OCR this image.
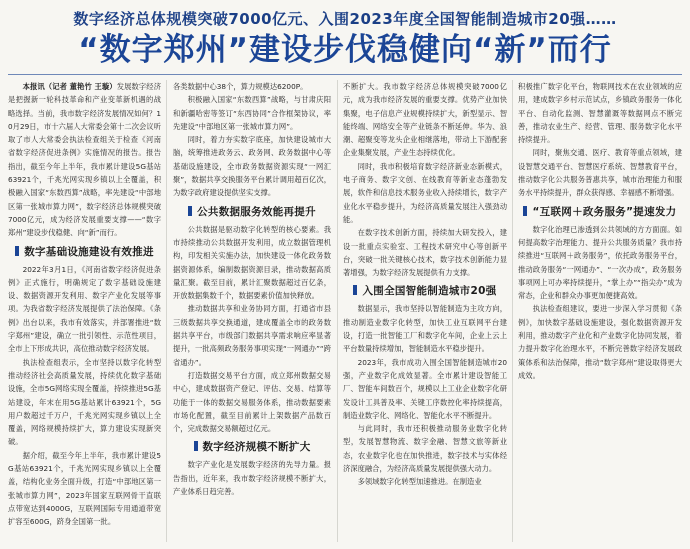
数字经济总体规模突破7000亿元、入围2023年度全国智能制造城市20强……
“数字郑州”建设步伐稳健向“新”而行

本报讯（记者 董艳竹 王璇）发展数字经济是把握新一轮科技革命和产业变革新机遇的战略选择。当前，我市数字经济发展情况如何？10月29日，市十六届人大常委会第十二次会议听取了市人大常委会执法检查组关于检查《河南省数字经济促进条例》实施情况的报告。报告指出，截至今年上半年，我市累计建设5G基站63921个，千兆光网实现乡镇以上全覆盖，积极融入国家“东数西算”战略，率先建设“中部地区第一张城市算力网”，数字经济总体规模突破7000亿元，成为经济发展重要支撑——“数字郑州”建设步伐稳健、向“新”而行。

数字基础设施建设有效推进

2022年3月1日，《河南省数字经济促进条例》正式施行，明确规定了数字基础设施建设、数据资源开发利用、数字产业化发展等事项。为我省数字经济发展提供了法治保障。《条例》出台以来，我市有效落实，并部署推进“数字郑州”建设，确立一批引领性、示范性项目，全市上下形成共识，高位推动数字经济发展。

执法检查组表示，全市坚持以数字化转型推动经济社会高质量发展，持续优化数字基础设施，全市5G网络实现全覆盖，持续推进5G基站建设，年末在用5G基站累计63921个，5G用户数超过千万户，千兆光网实现乡镇以上全覆盖，网络规模持续扩大，算力建设实现新突破。

据介绍，截至今年上半年，我市累计建设5G基站63921个，千兆光网实现乡镇以上全覆盖，结构化业务全面升级，打造“中部地区第一张城市算力网”，2023年国家互联网骨干直联点带宽达到4000G，互联网国际专用通道带宽扩容至600G，跻身全国第一批。

各类数据中心38个，算力规模达6200P。

积极融入国家“东数西算”战略，与甘肃庆阳和新疆哈密等签订“东西协同”合作框架协议，率先建设“中部地区第一张城市算力网”。

同时，着力夯实数字底座，加快建设城市大脑，统筹推进政务云、政务网、政务数据中心等基础设施建设，全市政务数据资源实现“一网汇聚”，数据共享交换服务平台累计调用超百亿次，为数字政府建设提供坚实支撑。

公共数据服务效能再提升

公共数据是驱动数字化转型的核心要素。我市持续推动公共数据开发利用，成立数据管理机构，印发相关实施办法，加快建设一体化政务数据资源体系，编制数据资源目录，推动数据高质量汇聚。截至目前，累计汇聚数据超过百亿条，开放数据集数千个，数据要素价值加快释放。

推动数据共享和业务协同方面，打通省市县三级数据共享交换通道，建成覆盖全市的政务数据共享平台，市级部门数据共享需求响应率显著提升，一批高频政务服务事项实现“一网通办”“跨省通办”。

打造数据交易平台方面，成立郑州数据交易中心，建成数据资产登记、评估、交易、结算等功能于一体的数据交易服务体系，推动数据要素市场化配置，截至目前累计上架数据产品数百个，完成数据交易额超过亿元。

数字经济规模不断扩大

数字产业化是发展数字经济的先导力量。报告指出，近年来，我市数字经济规模不断扩大，产业体系日趋完善。

不断扩大。我市数字经济总体规模突破7000亿元，成为我市经济发展的重要支撑。优势产业加快集聚，电子信息产业规模持续扩大，新型显示、智能终端、网络安全等产业链条不断延伸。华为、浪潮、超聚变等龙头企业相继落地，带动上下游配套企业集聚发展，产业生态持续优化。

同时，我市积极培育数字经济新业态新模式，电子商务、数字文创、在线教育等新业态蓬勃发展，软件和信息技术服务业收入持续增长，数字产业化水平稳步提升，为经济高质量发展注入强劲动能。

在数字技术创新方面，持续加大研发投入，建设一批重点实验室、工程技术研究中心等创新平台，突破一批关键核心技术，数字技术创新能力显著增强，为数字经济发展提供有力支撑。

入围全国智能制造城市20强

数据显示，我市坚持以智能制造为主攻方向，推动制造业数字化转型，加快工业互联网平台建设，打造一批智能工厂和数字化车间，企业上云上平台数量持续增加，智能制造水平稳步提升。

2023年，我市成功入围全国智能制造城市20强，产业数字化成效显著。全市累计建设智能工厂、智能车间数百个，规模以上工业企业数字化研发设计工具普及率、关键工序数控化率持续提高，制造业数字化、网络化、智能化水平不断提升。

与此同时，我市还积极推动服务业数字化转型，发展智慧物流、数字金融、智慧文旅等新业态，农业数字化也在加快推进，数字技术与实体经济深度融合，为经济高质量发展提供强大动力。

多领域数字化转型加速推进。在制造业

积极推广数字化平台，物联网技术在农业领域的应用，建成数字乡村示范试点，乡镇政务服务一体化平台、自动化监测、智慧灌溉等数据网点不断完善，推动农业生产、经营、管理、服务数字化水平持续提升。

同时，聚焦交通、医疗、教育等重点领域，建设智慧交通平台、智慧医疗系统、智慧教育平台，推动数字化公共服务普惠共享，城市治理能力和服务水平持续提升，群众获得感、幸福感不断增强。

“互联网＋政务服务”提速发力

数字化治理已渗透到公共领域的方方面面。如何提高数字治理能力、提升公共服务质量？我市持续推进“互联网＋政务服务”，依托政务服务平台，推动政务服务“一网通办”、“一次办成”，政务服务事项网上可办率持续提升，“掌上办”“指尖办”成为常态，企业和群众办事更加便捷高效。

执法检查组建议，要进一步深入学习贯彻《条例》，加快数字基础设施建设，强化数据资源开发利用，推动数字产业化和产业数字化协同发展，着力提升数字化治理水平，不断完善数字经济发展政策体系和法治保障，推动“数字郑州”建设取得更大成效。
